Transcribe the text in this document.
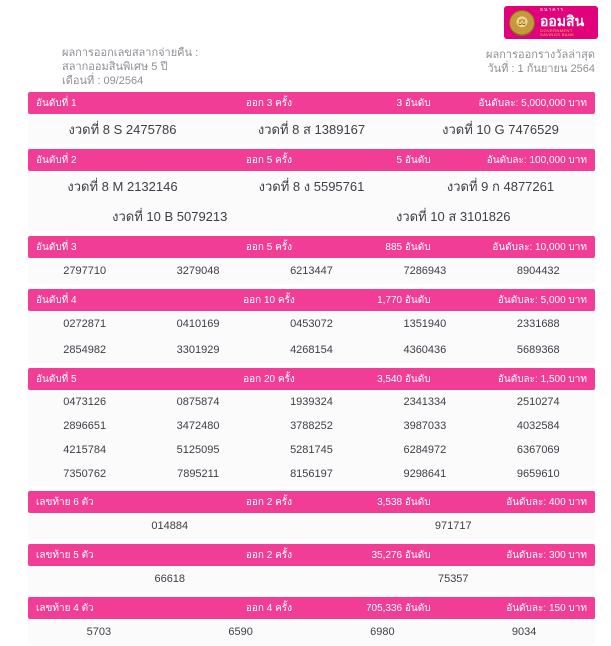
⚖
ธนาคาร
ออมสิน
GOVERNMENT SAVINGS BANK
ผลการออกเลขสลากจ่ายคืน :
สลากออมสินพิเศษ 5 ปี
เดือนที่ : 09/2564
ผลการออกรางวัลล่าสุด
วันที่ : 1 กันยายน 2564
อันดับที่ 1	ออก 3 ครั้ง	3 อันดับ	อันดับละ: 5,000,000 บาท
งวดที่ 8 S 2475786	งวดที่ 8 ส 1389167	งวดที่ 10 G 7476529
อันดับที่ 2	ออก 5 ครั้ง	5 อันดับ	อันดับละ: 100,000 บาท
งวดที่ 8 M 2132146	งวดที่ 8 ง 5595761	งวดที่ 9 ก 4877261
งวดที่ 10 B 5079213	งวดที่ 10 ส 3101826
อันดับที่ 3	ออก 5 ครั้ง	885 อันดับ	อันดับละ: 10,000 บาท
2797710	3279048	6213447	7286943	8904432
อันดับที่ 4	ออก 10 ครั้ง	1,770 อันดับ	อันดับละ: 5,000 บาท
0272871	0410169	0453072	1351940	2331688
2854982	3301929	4268154	4360436	5689368
อันดับที่ 5	ออก 20 ครั้ง	3,540 อันดับ	อันดับละ: 1,500 บาท
0473126	0875874	1939324	2341334	2510274
2896651	3472480	3788252	3987033	4032584
4215784	5125095	5281745	6284972	6367069
7350762	7895211	8156197	9298641	9659610
เลขท้าย 6 ตัว	ออก 2 ครั้ง	3,538 อันดับ	อันดับละ: 400 บาท
014884	971717
เลขท้าย 5 ตัว	ออก 2 ครั้ง	35,276 อันดับ	อันดับละ: 300 บาท
66618	75357
เลขท้าย 4 ตัว	ออก 4 ครั้ง	705,336 อันดับ	อันดับละ: 150 บาท
5703	6590	6980	9034
